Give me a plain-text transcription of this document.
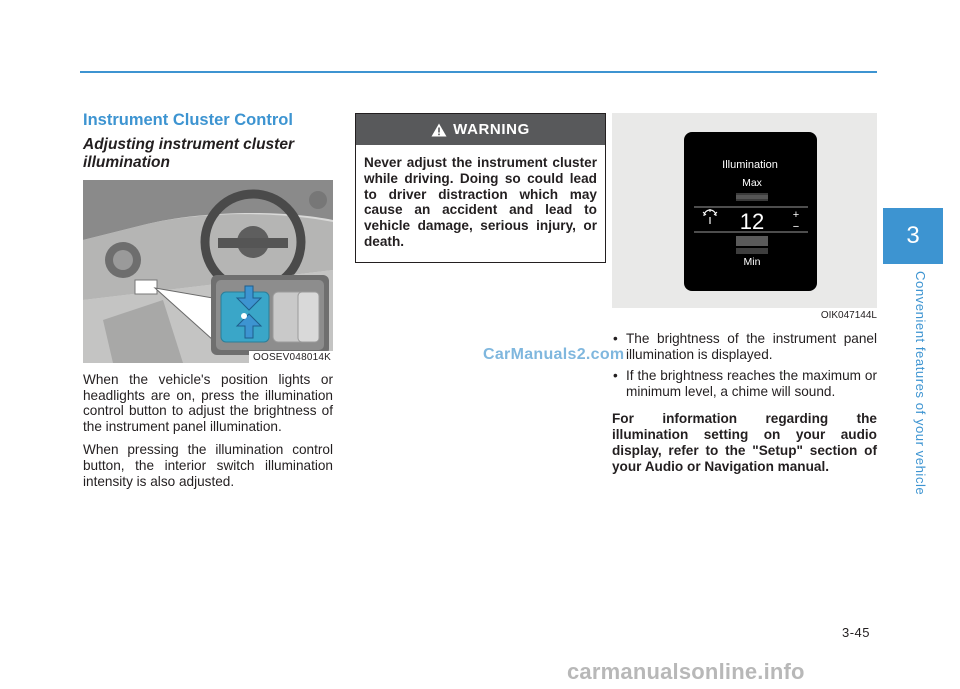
Instrument Cluster Control
Adjusting instrument cluster illumination
OOSEV048014K

When the vehicle's position lights or headlights are on, press the illumination control button to adjust the brightness of the instrument panel illumination.

When pressing the illumination control button, the interior switch illumination intensity is also adjusted.

WARNING
Never adjust the instrument cluster while driving. Doing so could lead to driver distraction which may cause an accident and lead to vehicle damage, serious injury, or death.
Illumination
Max
12	+
−
Min
OIK047144L
• The brightness of the instrument panel illumination is displayed.
• If the brightness reaches the maximum or minimum level, a chime will sound.

For information regarding the illumination setting on your audio display, refer to the "Setup" section of your Audio or Navigation manual.

3
Convenient features of your vehicle
3-45
CarManuals2.com
carmanualsonline.info
